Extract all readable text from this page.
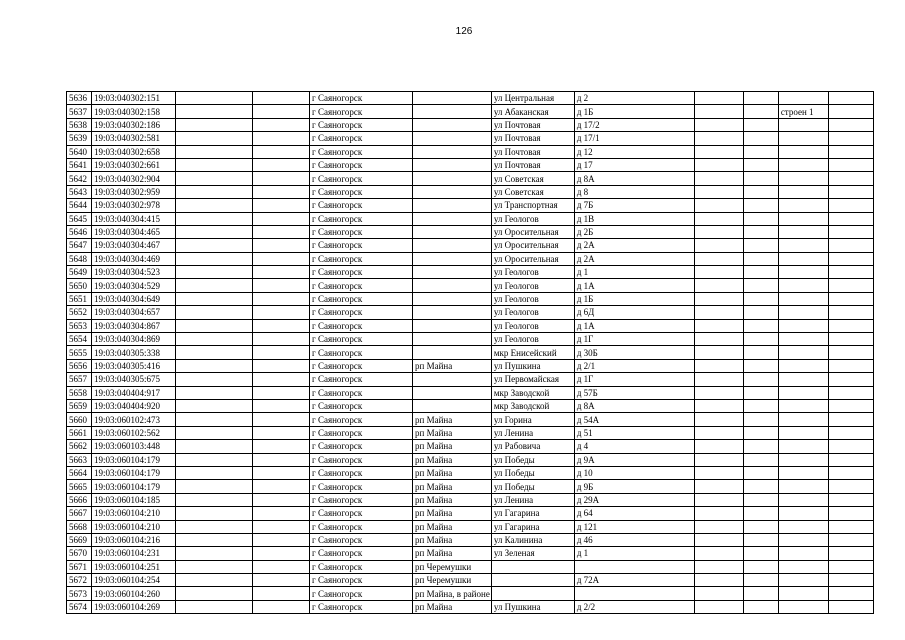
126
5636	19:03:040302:151			г Саяногорск		ул Центральная	д 2				
5637	19:03:040302:158			г Саяногорск		ул Абаканская	д 1Б			строен 1	
5638	19:03:040302:186			г Саяногорск		ул Почтовая	д 17/2				
5639	19:03:040302:581			г Саяногорск		ул Почтовая	д 17/1				
5640	19:03:040302:658			г Саяногорск		ул Почтовая	д 12				
5641	19:03:040302:661			г Саяногорск		ул Почтовая	д 17				
5642	19:03:040302:904			г Саяногорск		ул Советская	д 8А				
5643	19:03:040302:959			г Саяногорск		ул Советская	д 8				
5644	19:03:040302:978			г Саяногорск		ул Транспортная	д 7Б				
5645	19:03:040304:415			г Саяногорск		ул Геологов	д 1В				
5646	19:03:040304:465			г Саяногорск		ул Оросительная	д 2Б				
5647	19:03:040304:467			г Саяногорск		ул Оросительная	д 2А				
5648	19:03:040304:469			г Саяногорск		ул Оросительная	д 2А				
5649	19:03:040304:523			г Саяногорск		ул Геологов	д 1				
5650	19:03:040304:529			г Саяногорск		ул Геологов	д 1А				
5651	19:03:040304:649			г Саяногорск		ул Геологов	д 1Б				
5652	19:03:040304:657			г Саяногорск		ул Геологов	д 6Д				
5653	19:03:040304:867			г Саяногорск		ул Геологов	д 1А				
5654	19:03:040304:869			г Саяногорск		ул Геологов	д 1Г				
5655	19:03:040305:338			г Саяногорск		мкр Енисейский	д 30Б				
5656	19:03:040305:416			г Саяногорск	рп Майна	ул Пушкина	д 2/1				
5657	19:03:040305:675			г Саяногорск		ул Первомайская	д 1Г				
5658	19:03:040404:917			г Саяногорск		мкр Заводской	д 57Б				
5659	19:03:040404:920			г Саяногорск		мкр Заводской	д 8А				
5660	19:03:060102:473			г Саяногорск	рп Майна	ул Горина	д 54А				
5661	19:03:060102:562			г Саяногорск	рп Майна	ул Ленина	д 51				
5662	19:03:060103:448			г Саяногорск	рп Майна	ул Рабовича	д 4				
5663	19:03:060104:179			г Саяногорск	рп Майна	ул Победы	д 9А				
5664	19:03:060104:179			г Саяногорск	рп Майна	ул Победы	д 10				
5665	19:03:060104:179			г Саяногорск	рп Майна	ул Победы	д 9Б				
5666	19:03:060104:185			г Саяногорск	рп Майна	ул Ленина	д 29А				
5667	19:03:060104:210			г Саяногорск	рп Майна	ул Гагарина	д 64				
5668	19:03:060104:210			г Саяногорск	рп Майна	ул Гагарина	д 121				
5669	19:03:060104:216			г Саяногорск	рп Майна	ул Калинина	д 46				
5670	19:03:060104:231			г Саяногорск	рп Майна	ул Зеленая	д 1				
5671	19:03:060104:251			г Саяногорск	рп Черемушки						
5672	19:03:060104:254			г Саяногорск	рп Черемушки		д 72А				
5673	19:03:060104:260			г Саяногорск	рп Майна, в районе						
5674	19:03:060104:269			г Саяногорск	рп Майна	ул Пушкина	д 2/2				
